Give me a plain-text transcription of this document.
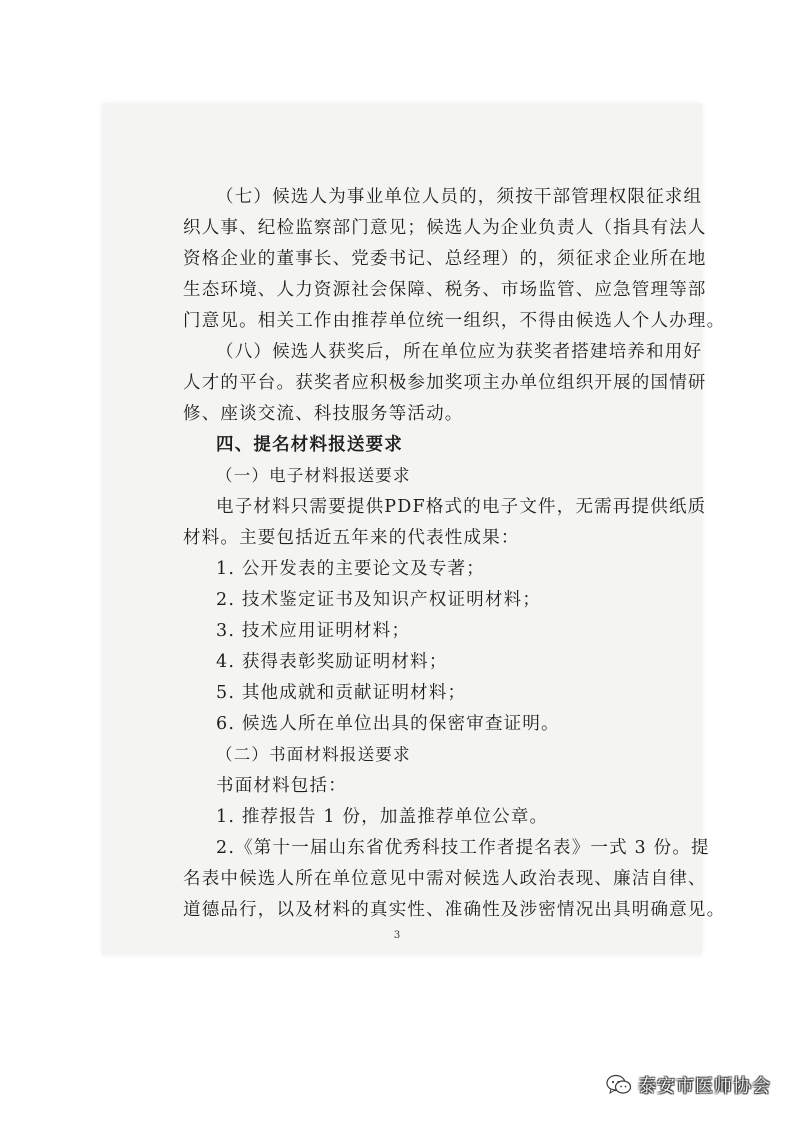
（七）候选人为事业单位人员的，须按干部管理权限征求组

织人事、纪检监察部门意见；候选人为企业负责人（指具有法人

资格企业的董事长、党委书记、总经理）的，须征求企业所在地

生态环境、人力资源社会保障、税务、市场监管、应急管理等部

门意见。相关工作由推荐单位统一组织，不得由候选人个人办理。

（八）候选人获奖后，所在单位应为获奖者搭建培养和用好

人才的平台。获奖者应积极参加奖项主办单位组织开展的国情研

修、座谈交流、科技服务等活动。

四、提名材料报送要求

（一）电子材料报送要求

电子材料只需要提供PDF格式的电子文件，无需再提供纸质

材料。主要包括近五年来的代表性成果：

1. 公开发表的主要论文及专著；

2. 技术鉴定证书及知识产权证明材料；

3. 技术应用证明材料；

4. 获得表彰奖励证明材料；

5. 其他成就和贡献证明材料；

6. 候选人所在单位出具的保密审查证明。

（二）书面材料报送要求

书面材料包括：

1. 推荐报告 1 份，加盖推荐单位公章。

2.《第十一届山东省优秀科技工作者提名表》一式 3 份。提

名表中候选人所在单位意见中需对候选人政治表现、廉洁自律、

道德品行，以及材料的真实性、准确性及涉密情况出具明确意见。

3

泰安市医师协会
